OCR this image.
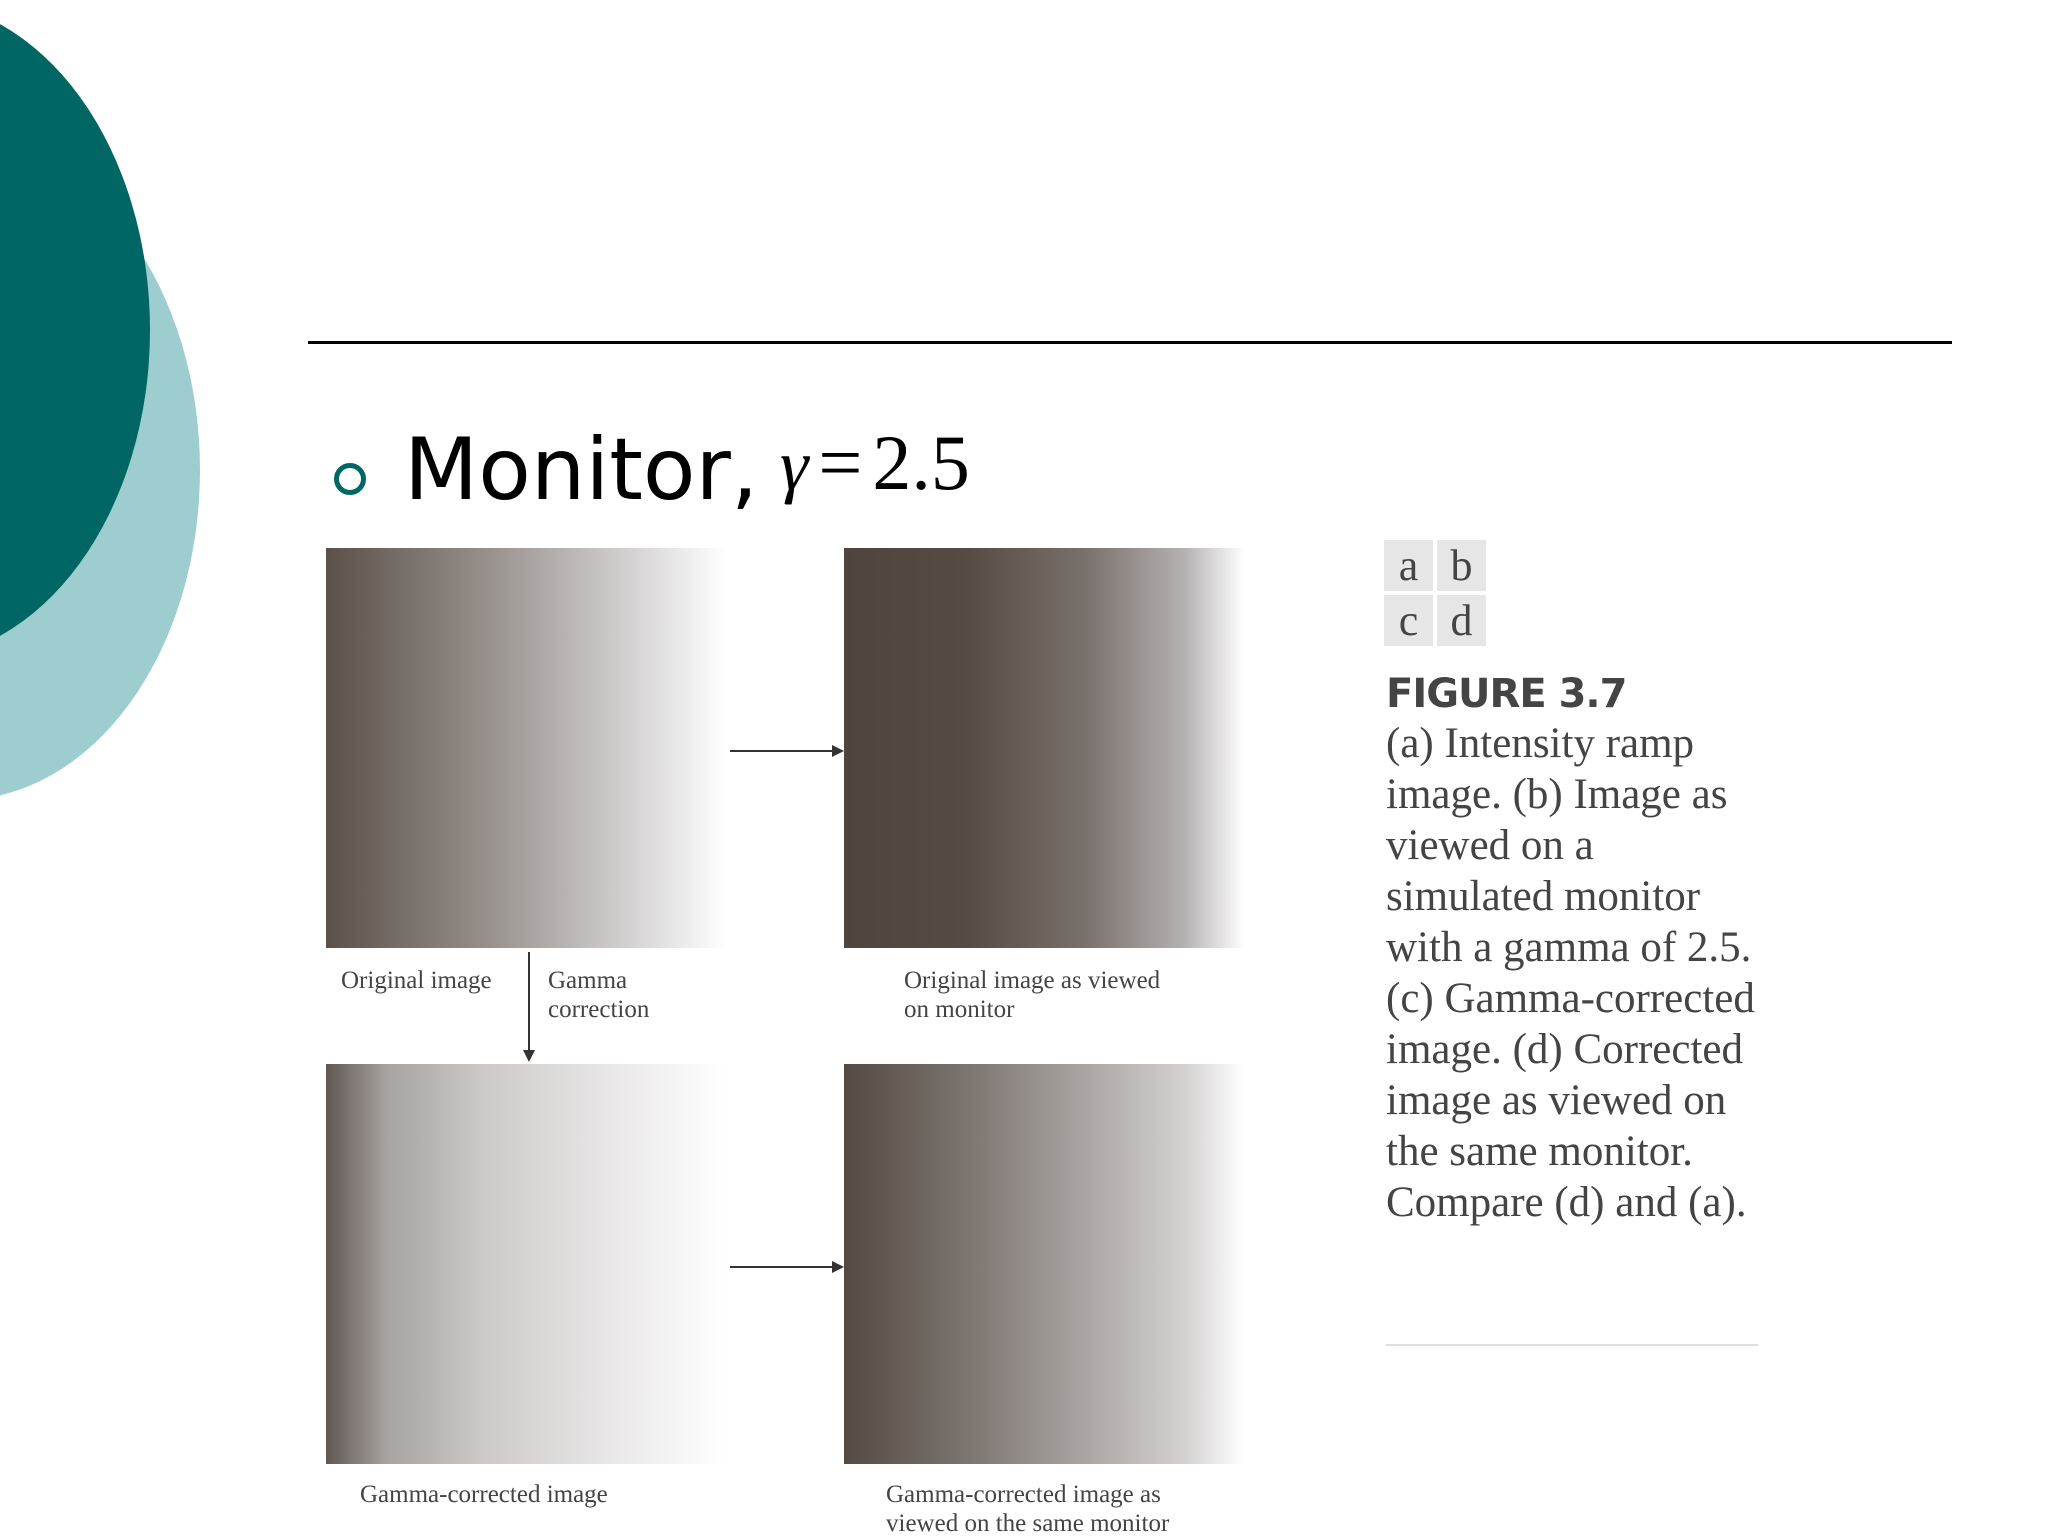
Monitor, γ = 2.5
Original image Gamma
correction
Original image as viewed
on monitor
Gamma-corrected image	Gamma-corrected image as
viewed on the same monitor
a b
c d
FIGURE 3.7
(a) Intensity ramp image. (b) Image as viewed on a simulated monitor with a gamma of 2.5. (c) Gamma-corrected image. (d) Corrected image as viewed on the same monitor. Compare (d) and (a).
